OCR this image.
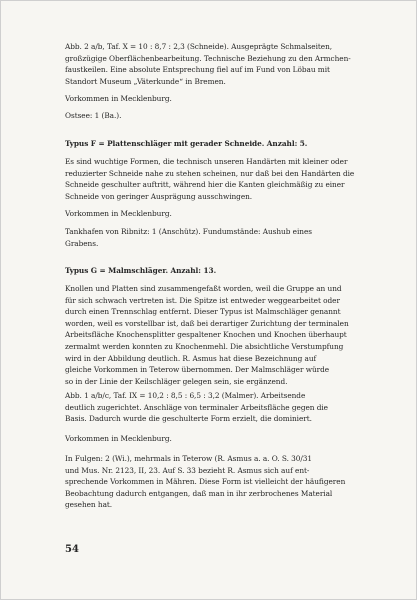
Abb. 2 a/b, Taf. X = 10 : 8,7 : 2,3 (Schneide). Ausgeprägte Schmalseiten,
großzügige Oberflächenbearbeitung. Technische Beziehung zu den Armchen-
faustkeilen. Eine absolute Entsprechung fiel auf im Fund von Löbau mit
Standort Museum „Väterkunde“ in Bremen.
Vorkommen in Mecklenburg.
Ostsee: 1 (Ba.).
Typus F = Plattenschläger mit gerader Schneide. Anzahl: 5.
Es sind wuchtige Formen, die technisch unseren Handärten mit kleiner oder
reduzierter Schneide nahe zu stehen scheinen, nur daß bei den Handärten die
Schneide geschulter auftritt, während hier die Kanten gleichmäßig zu einer
Schneide von geringer Ausprägung ausschwingen.
Vorkommen in Mecklenburg.
Tankhafen von Ribnitz: 1 (Anschütz). Fundumstände: Aushub eines
Grabens.
Typus G = Malmschläger. Anzahl: 13.
Knollen und Platten sind zusammengefaßt worden, weil die Gruppe an und
für sich schwach vertreten ist. Die Spitze ist entweder weggearbeitet oder
durch einen Trennschlag entfernt. Dieser Typus ist Malmschläger genannt
worden, weil es vorstellbar ist, daß bei derartiger Zurichtung der terminalen
Arbeitsfläche Knochensplitter gespaltener Knochen und Knochen überhaupt
zermalmt werden konnten zu Knochenmehl. Die absichtliche Verstumpfung
wird in der Abbildung deutlich. R. Asmus hat diese Bezeichnung auf
gleiche Vorkommen in Teterow übernommen. Der Malmschläger würde
so in der Linie der Keilschläger gelegen sein, sie ergänzend.
Abb. 1 a/b/c, Taf. IX = 10,2 : 8,5 : 6,5 : 3,2 (Malmer). Arbeitsende
deutlich zugerichtet. Anschläge von terminaler Arbeitsfläche gegen die
Basis. Dadurch wurde die geschulterte Form erzielt, die dominiert.
Vorkommen in Mecklenburg.
In Fulgen: 2 (Wi.), mehrmals in Teterow (R. Asmus a. a. O. S. 30/31
und Mus. Nr. 2123, II, 23. Auf S. 33 bezieht R. Asmus sich auf ent-
sprechende Vorkommen in Mähren. Diese Form ist vielleicht der häufigeren
Beobachtung dadurch entgangen, daß man in ihr zerbrochenes Material
gesehen hat.
54
